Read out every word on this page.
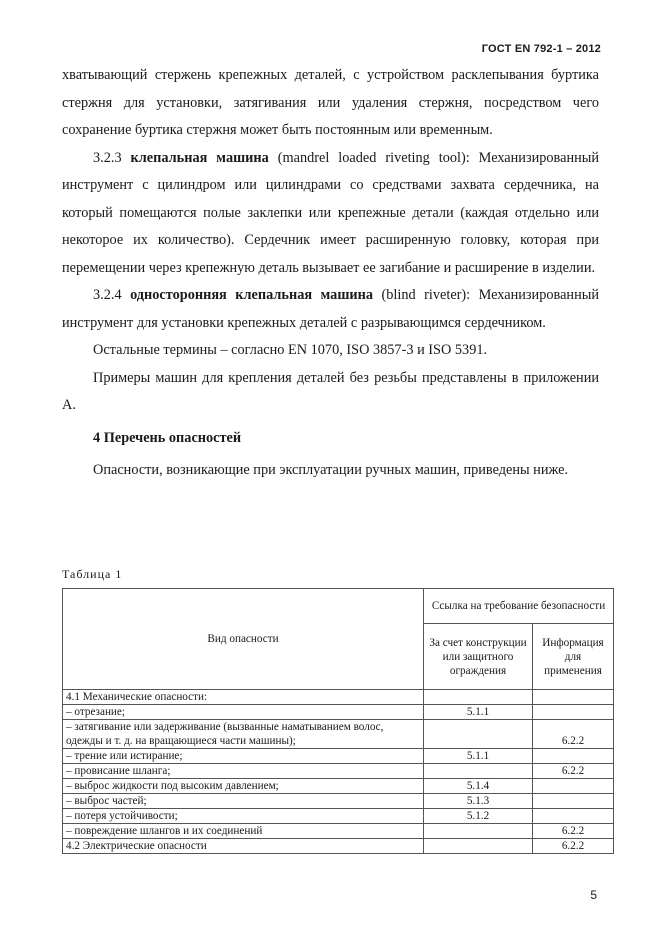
ГОСТ EN 792-1 – 2012

хватывающий стержень крепежных деталей, с устройством расклепывания буртика стержня для установки, затягивания или удаления стержня, посредством чего сохранение буртика стержня может быть постоянным или временным.

3.2.3 клепальная машина (mandrel loaded riveting tool): Механизированный инструмент с цилиндром или цилиндрами со средствами захвата сердечника, на который помещаются полые заклепки или крепежные детали (каждая отдельно или некоторое их количество). Сердечник имеет расширенную головку, которая при перемещении через крепежную деталь вызывает ее загибание и расширение в изделии.

3.2.4 односторонняя клепальная машина (blind riveter): Механизированный инструмент для установки крепежных деталей с разрывающимся сердечником.

Остальные термины – согласно EN 1070, ISO 3857-3 и ISO 5391.

Примеры машин для крепления деталей без резьбы представлены в приложении А.

4 Перечень опасностей

Опасности, возникающие при эксплуатации ручных машин, приведены ниже.

Таблица 1
Вид опасности	Ссылка на требование безопасности	
	За счет конструкции или защитного ограждения	Информация для применения
4.1 Механические опасности:		
– отрезание;	5.1.1	
– затягивание или задерживание (вызванные наматыванием волос, одежды и т. д. на вращающиеся части машины);		6.2.2
– трение или истирание;	5.1.1	
– провисание шланга;		6.2.2
– выброс жидкости под высоким давлением;	5.1.4	
– выброс частей;	5.1.3	
– потеря устойчивости;	5.1.2	
– повреждение шлангов и их соединений		6.2.2
4.2 Электрические опасности		6.2.2
5
